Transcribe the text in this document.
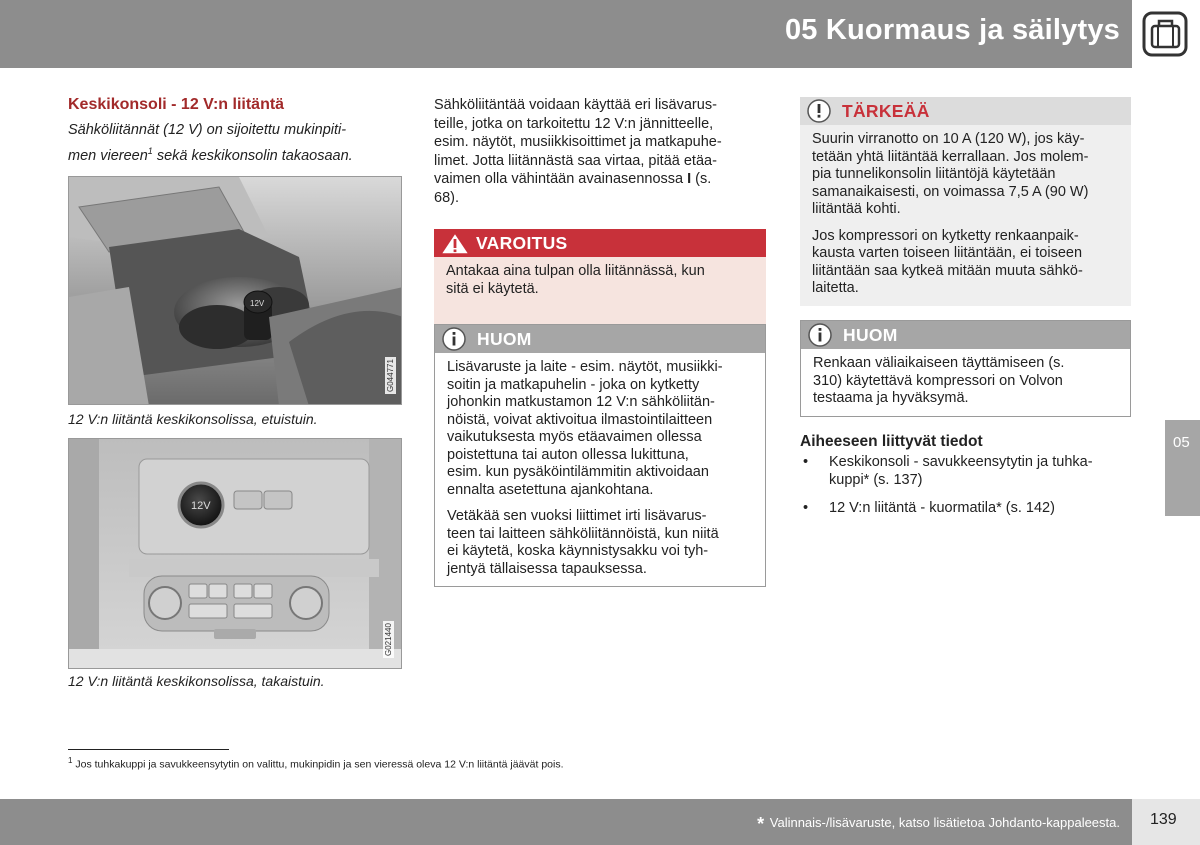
05 Kuormaus ja säilytys
05
Keskikonsoli - 12 V:n liitäntä
Sähköliitännät (12 V) on sijoitettu mukinpiti-
men viereen$^1$ sekä keskikonsolin takaosaan.
12V
G044771
12 V:n liitäntä keskikonsolissa, etuistuin.
12V
G021440
12 V:n liitäntä keskikonsolissa, takaistuin.
Sähköliitäntää voidaan käyttää eri lisävarus-
teille, jotka on tarkoitettu 12 V:n jännitteelle,
esim. näytöt, musiikkisoittimet ja matkapuhe-
limet. Jotta liitännästä saa virtaa, pitää etäa-
vaimen olla vähintään avainasennossa I (s.
68).
VAROITUS
Antakaa aina tulpan olla liitännässä, kun
sitä ei käytetä.
HUOM

Lisävaruste ja laite - esim. näytöt, musiikki-
soitin ja matkapuhelin - joka on kytketty
johonkin matkustamon 12 V:n sähköliitän-
nöistä, voivat aktivoitua ilmastointilaitteen
vaikutuksesta myös etäavaimen ollessa
poistettuna tai auton ollessa lukittuna,
esim. kun pysäköintilämmitin aktivoidaan
ennalta asetettuna ajankohtana.

Vetäkää sen vuoksi liittimet irti lisävarus-
teen tai laitteen sähköliitännöistä, kun niitä
ei käytetä, koska käynnistysakku voi tyh-
jentyä tällaisessa tapauksessa.

TÄRKEÄÄ

Suurin virranotto on 10 A (120 W), jos käy-
tetään yhtä liitäntää kerrallaan. Jos molem-
pia tunnelikonsolin liitäntöjä käytetään
samanaikaisesti, on voimassa 7,5 A (90 W)
liitäntää kohti.

Jos kompressori on kytketty renkaanpaik-
kausta varten toiseen liitäntään, ei toiseen
liitäntään saa kytkeä mitään muuta sähkö-
laitetta.

HUOM
Renkaan väliaikaiseen täyttämiseen (s.
310) käytettävä kompressori on Volvon
testaama ja hyväksymä.
Aiheeseen liittyvät tiedot
• Keskikonsoli - savukkeensytytin ja tuhka-
kuppi* (s. 137)
• 12 V:n liitäntä - kuormatila* (s. 142)
$^1$ Jos tuhkakuppi ja savukkeensytytin on valittu, mukinpidin ja sen vieressä oleva 12 V:n liitäntä jäävät pois.
* Valinnais-/lisävaruste, katso lisätietoa Johdanto-kappaleesta. 139
